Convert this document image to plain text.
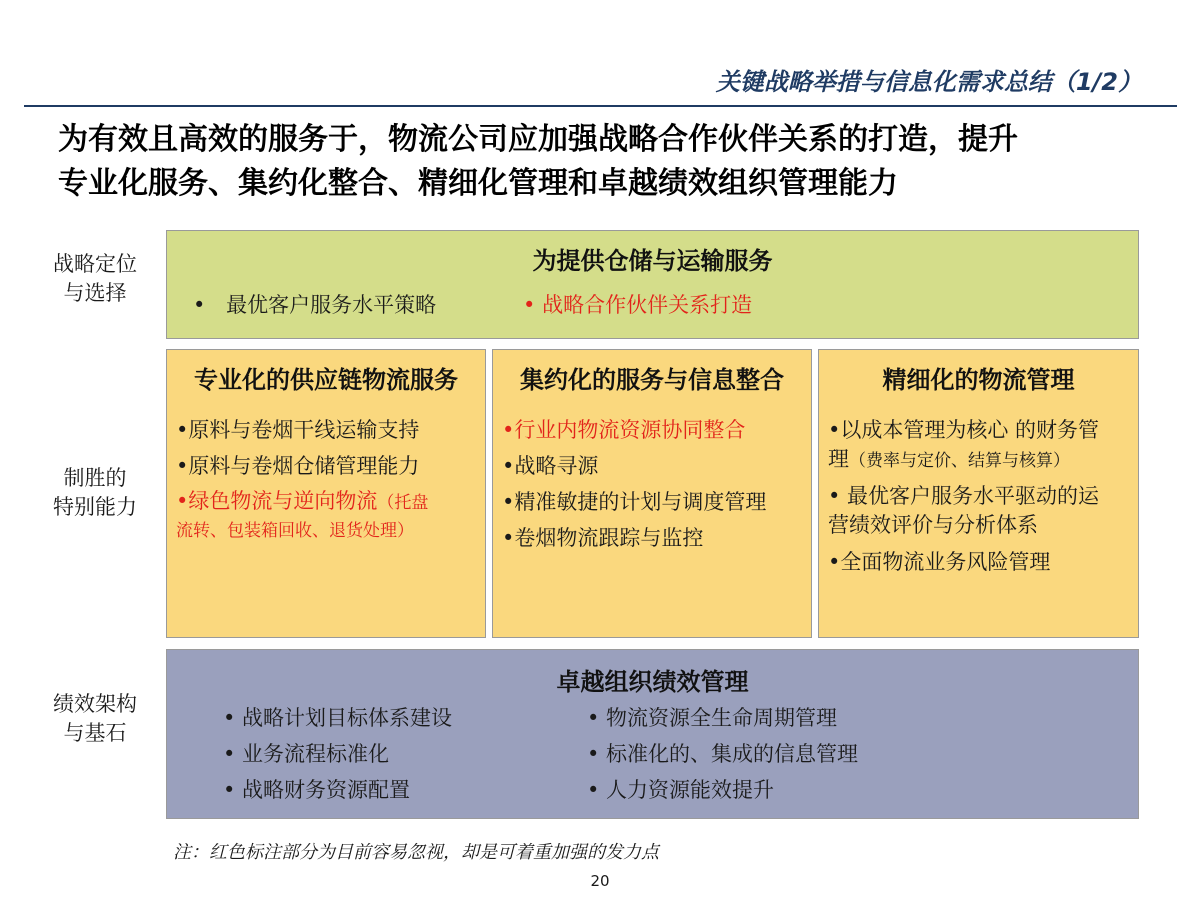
关键战略举措与信息化需求总结（1/2）
为有效且高效的服务于，物流公司应加强战略合作伙伴关系的打造，提升
专业化服务、集约化整合、精细化管理和卓越绩效组织管理能力
战略定位
与选择
制胜的
特别能力
绩效架构
与基石
为提供仓储与运输服务
• 最优客户服务水平策略	• 战略合作伙伴关系打造
专业化的供应链物流服务
•原料与卷烟干线运输支持
•原料与卷烟仓储管理能力
•绿色物流与逆向物流（托盘
流转、包装箱回收、退货处理）
集约化的服务与信息整合
•行业内物流资源协同整合
•战略寻源
•精准敏捷的计划与调度管理
•卷烟物流跟踪与监控
精细化的物流管理
•以成本管理为核心 的财务管
理（费率与定价、结算与核算）
• 最优客户服务水平驱动的运
营绩效评价与分析体系
•全面物流业务风险管理
卓越组织绩效管理
• 战略计划目标体系建设
• 业务流程标准化
• 战略财务资源配置
• 物流资源全生命周期管理
• 标准化的、集成的信息管理
• 人力资源能效提升
注：红色标注部分为目前容易忽视，却是可着重加强的发力点
20
